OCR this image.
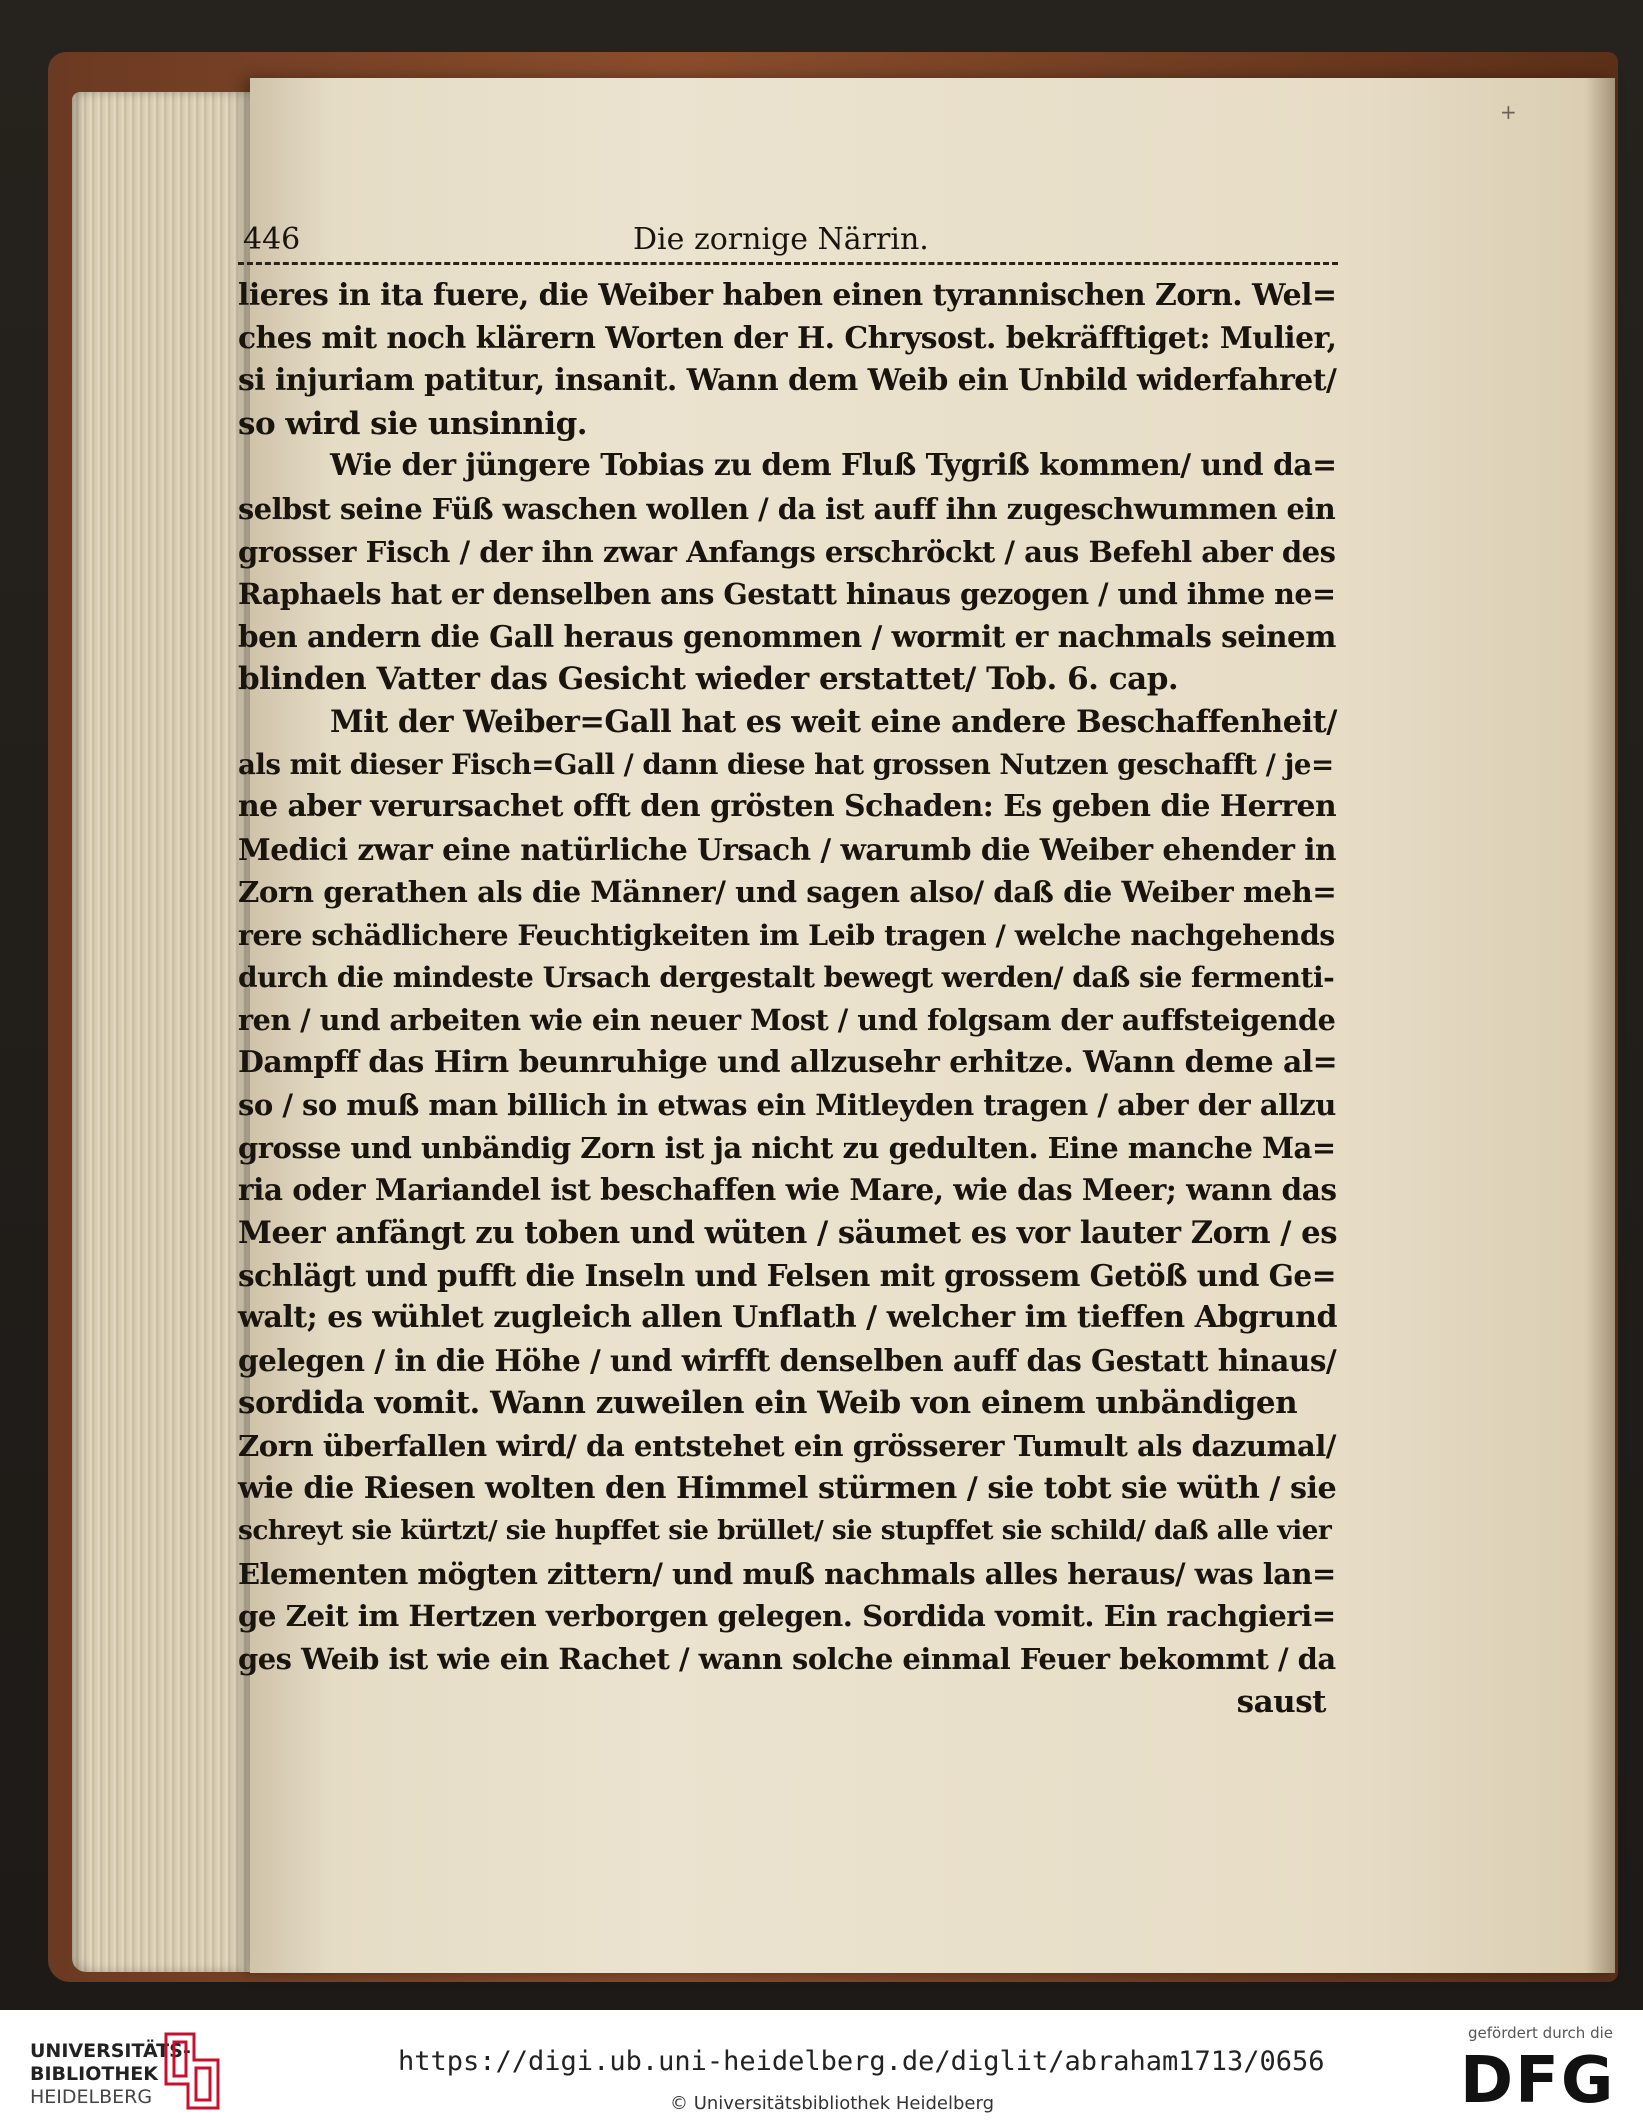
+
446	Die zornige Närrin.
lieres in ita fuere, die Weiber haben einen tyrannischen Zorn. Wel=
ches mit noch klärern Worten der H. Chrysost. bekräfftiget: Mulier,
si injuriam patitur, insanit. Wann dem Weib ein Unbild widerfahret/
so wird sie unsinnig.
Wie der jüngere Tobias zu dem Fluß Tygriß kommen/ und da=
selbst seine Füß waschen wollen / da ist auff ihn zugeschwummen ein
grosser Fisch / der ihn zwar Anfangs erschröckt / aus Befehl aber des
Raphaels hat er denselben ans Gestatt hinaus gezogen / und ihme ne=
ben andern die Gall heraus genommen / wormit er nachmals seinem
blinden Vatter das Gesicht wieder erstattet/ Tob. 6. cap.
Mit der Weiber=Gall hat es weit eine andere Beschaffenheit/
als mit dieser Fisch=Gall / dann diese hat grossen Nutzen geschafft / je=
ne aber verursachet offt den grösten Schaden: Es geben die Herren
Medici zwar eine natürliche Ursach / warumb die Weiber ehender in
Zorn gerathen als die Männer/ und sagen also/ daß die Weiber meh=
rere schädlichere Feuchtigkeiten im Leib tragen / welche nachgehends
durch die mindeste Ursach dergestalt bewegt werden/ daß sie fermenti-
ren / und arbeiten wie ein neuer Most / und folgsam der auffsteigende
Dampff das Hirn beunruhige und allzusehr erhitze. Wann deme al=
so / so muß man billich in etwas ein Mitleyden tragen / aber der allzu
grosse und unbändig Zorn ist ja nicht zu gedulten. Eine manche Ma=
ria oder Mariandel ist beschaffen wie Mare, wie das Meer; wann das
Meer anfängt zu toben und wüten / säumet es vor lauter Zorn / es
schlägt und pufft die Inseln und Felsen mit grossem Getöß und Ge=
walt; es wühlet zugleich allen Unflath / welcher im tieffen Abgrund
gelegen / in die Höhe / und wirfft denselben auff das Gestatt hinaus/
sordida vomit. Wann zuweilen ein Weib von einem unbändigen
Zorn überfallen wird/ da entstehet ein grösserer Tumult als dazumal/
wie die Riesen wolten den Himmel stürmen / sie tobt sie wüth / sie
schreyt sie kürtzt/ sie hupffet sie brüllet/ sie stupffet sie schild/ daß alle vier
Elementen mögten zittern/ und muß nachmals alles heraus/ was lan=
ge Zeit im Hertzen verborgen gelegen. Sordida vomit. Ein rachgieri=
ges Weib ist wie ein Rachet / wann solche einmal Feuer bekommt / da
saust
UNIVERSITÄTS-
BIBLIOTHEK
HEIDELBERG
https://digi.ub.uni-heidelberg.de/diglit/abraham1713/0656
© Universitätsbibliothek Heidelberg
gefördert durch die
DFG
